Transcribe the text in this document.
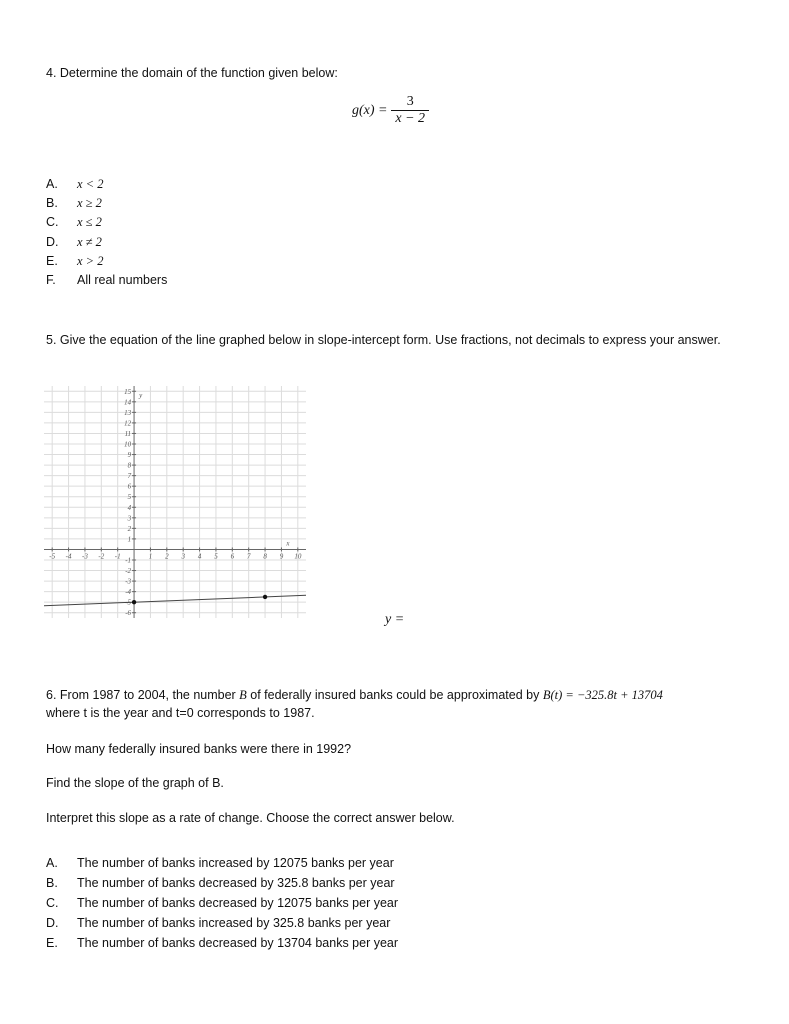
4. Determine the domain of the function given below:
$g(x) = \frac{3}{x - 2}$
A. x < 2
B. x ≥ 2
C. x ≤ 2
D. x ≠ 2
E. x > 2
F. All real numbers
5. Give the equation of the line graphed below in slope-intercept form. Use fractions, not decimals to express your answer.
-5 -4 -3 -2 -1	1 2 3 4 5 6 7 8 9 10
15
14
13
12
11
10
9
8
7
6
5
4
3
2
1
-1
-2
-3
-4
-6
x
y
y =
6. From 1987 to 2004, the number B of federally insured banks could be approximated by B(t) = −325.8t + 13704
where t is the year and t=0 corresponds to 1987.
How many federally insured banks were there in 1992?
Find the slope of the graph of B.
Interpret this slope as a rate of change. Choose the correct answer below.
A. The number of banks increased by 12075 banks per year
B. The number of banks decreased by 325.8 banks per year
C. The number of banks decreased by 12075 banks per year
D. The number of banks increased by 325.8 banks per year
E. The number of banks decreased by 13704 banks per year
